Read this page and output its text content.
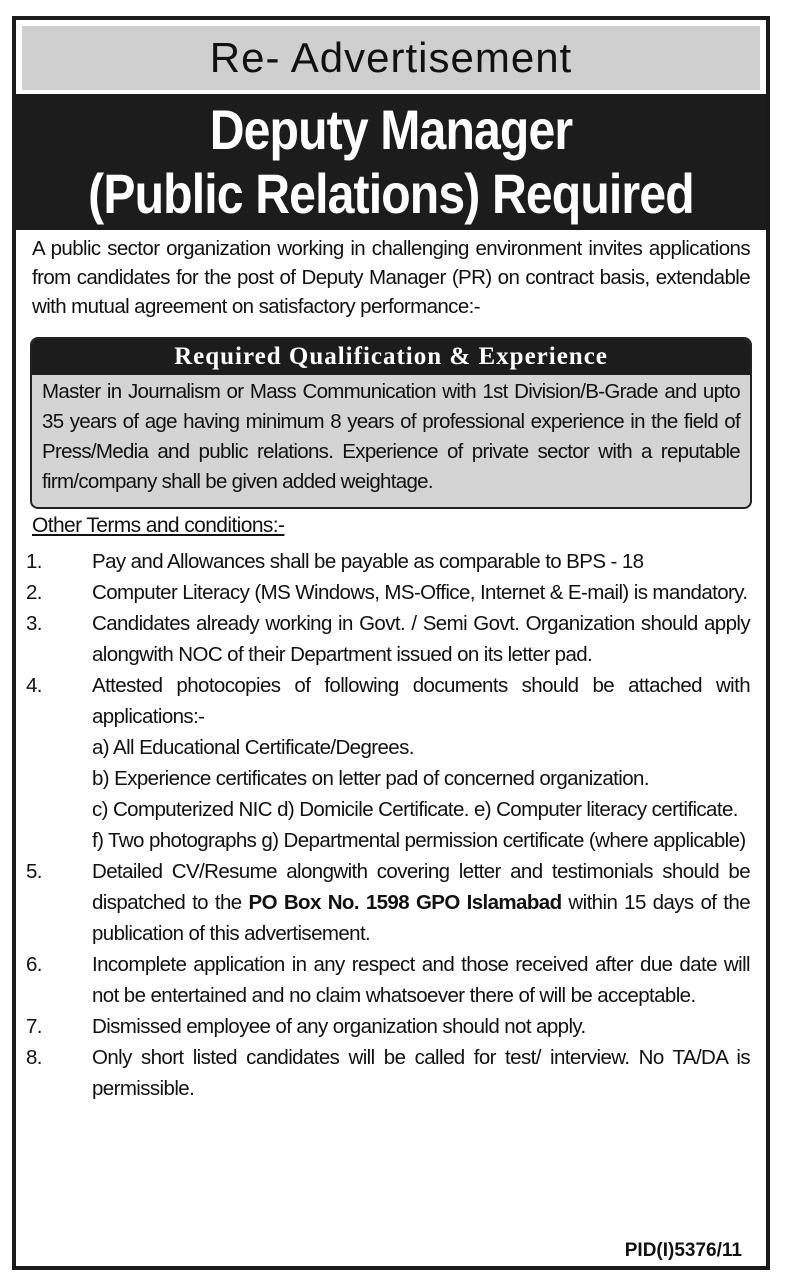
Re- Advertisement
Deputy Manager
(Public Relations) Required
A public sector organization working in challenging environment invites applications from candidates for the post of Deputy Manager (PR) on contract basis, extendable with mutual agreement on satisfactory performance:-
Required Qualification & Experience
Master in Journalism or Mass Communication with 1st Division/B-Grade and upto 35 years of age having minimum 8 years of professional experience in the field of Press/Media and public relations. Experience of private sector with a reputable firm/company shall be given added weightage.
Other Terms and conditions:-
1.	Pay and Allowances shall be payable as comparable to BPS - 18
2.	Computer Literacy (MS Windows, MS-Office, Internet & E-mail) is mandatory.
3.	Candidates already working in Govt. / Semi Govt. Organization should apply alongwith NOC of their Department issued on its letter pad.
4.	Attested photocopies of following documents should be attached with applications:-
a) All Educational Certificate/Degrees.
b) Experience certificates on letter pad of concerned organization.
c) Computerized NIC d) Domicile Certificate. e) Computer literacy certificate.
f) Two photographs g) Departmental permission certificate (where applicable)
5.	Detailed CV/Resume alongwith covering letter and testimonials should be dispatched to the PO Box No. 1598 GPO Islamabad within 15 days of the publication of this advertisement.
6.	Incomplete application in any respect and those received after due date will not be entertained and no claim whatsoever there of will be acceptable.
7.	Dismissed employee of any organization should not apply.
8.	Only short listed candidates will be called for test/ interview. No TA/DA is permissible.
PID(I)5376/11
